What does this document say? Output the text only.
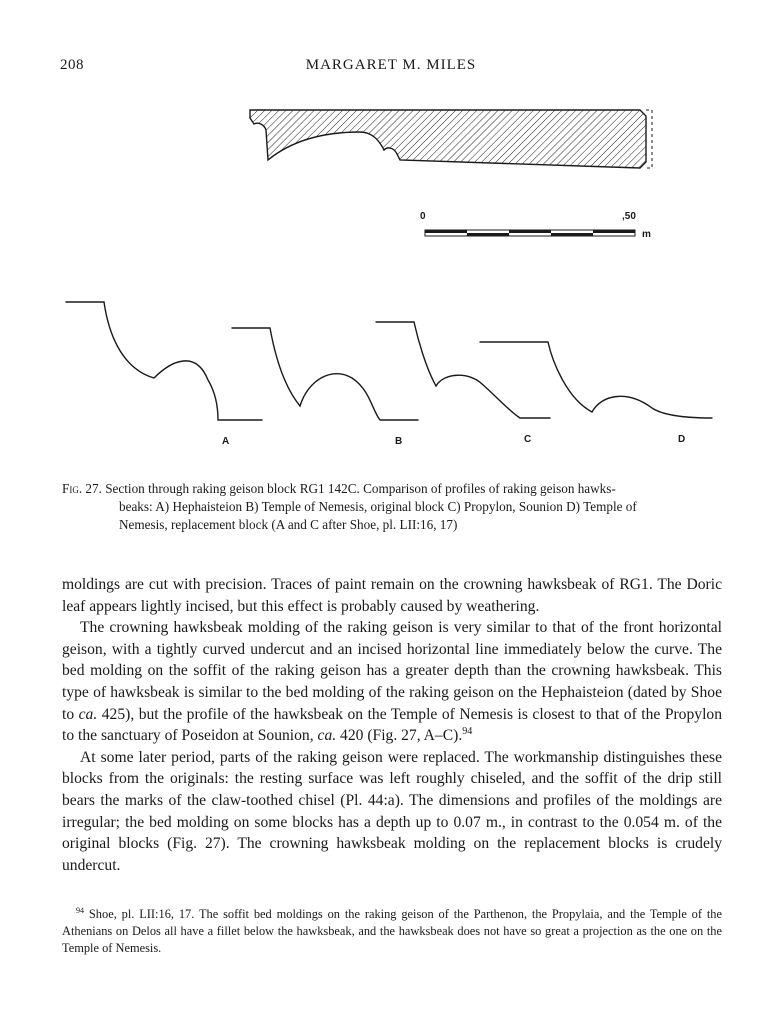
208	MARGARET M. MILES
0	,50
m
A	B	C	D
Fig. 27. Section through raking geison block RG1 142C. Comparison of profiles of raking geison hawks-
beaks: A) Hephaisteion B) Temple of Nemesis, original block C) Propylon, Sounion D) Temple of
Nemesis, replacement block (A and C after Shoe, pl. LII:16, 17)

moldings are cut with precision. Traces of paint remain on the crowning hawksbeak of RG1. The Doric leaf appears lightly incised, but this effect is probably caused by weathering.

The crowning hawksbeak molding of the raking geison is very similar to that of the front horizontal geison, with a tightly curved undercut and an incised horizontal line immediately below the curve. The bed molding on the soffit of the raking geison has a greater depth than the crowning hawksbeak. This type of hawksbeak is similar to the bed molding of the raking geison on the Hephaisteion (dated by Shoe to ca. 425), but the profile of the hawksbeak on the Temple of Nemesis is closest to that of the Propylon to the sanctuary of Poseidon at Sounion, ca. 420 (Fig. 27, A–C).$^{94}$

At some later period, parts of the raking geison were replaced. The workmanship distinguishes these blocks from the originals: the resting surface was left roughly chiseled, and the soffit of the drip still bears the marks of the claw-toothed chisel (Pl. 44:a). The dimensions and profiles of the moldings are irregular; the bed molding on some blocks has a depth up to 0.07 m., in contrast to the 0.054 m. of the original blocks (Fig. 27). The crowning hawksbeak molding on the replacement blocks is crudely undercut.

$^{94}$ Shoe, pl. LII:16, 17. The soffit bed moldings on the raking geison of the Parthenon, the Propylaia, and the Temple of the Athenians on Delos all have a fillet below the hawksbeak, and the hawksbeak does not have so great a projection as the one on the Temple of Nemesis.
